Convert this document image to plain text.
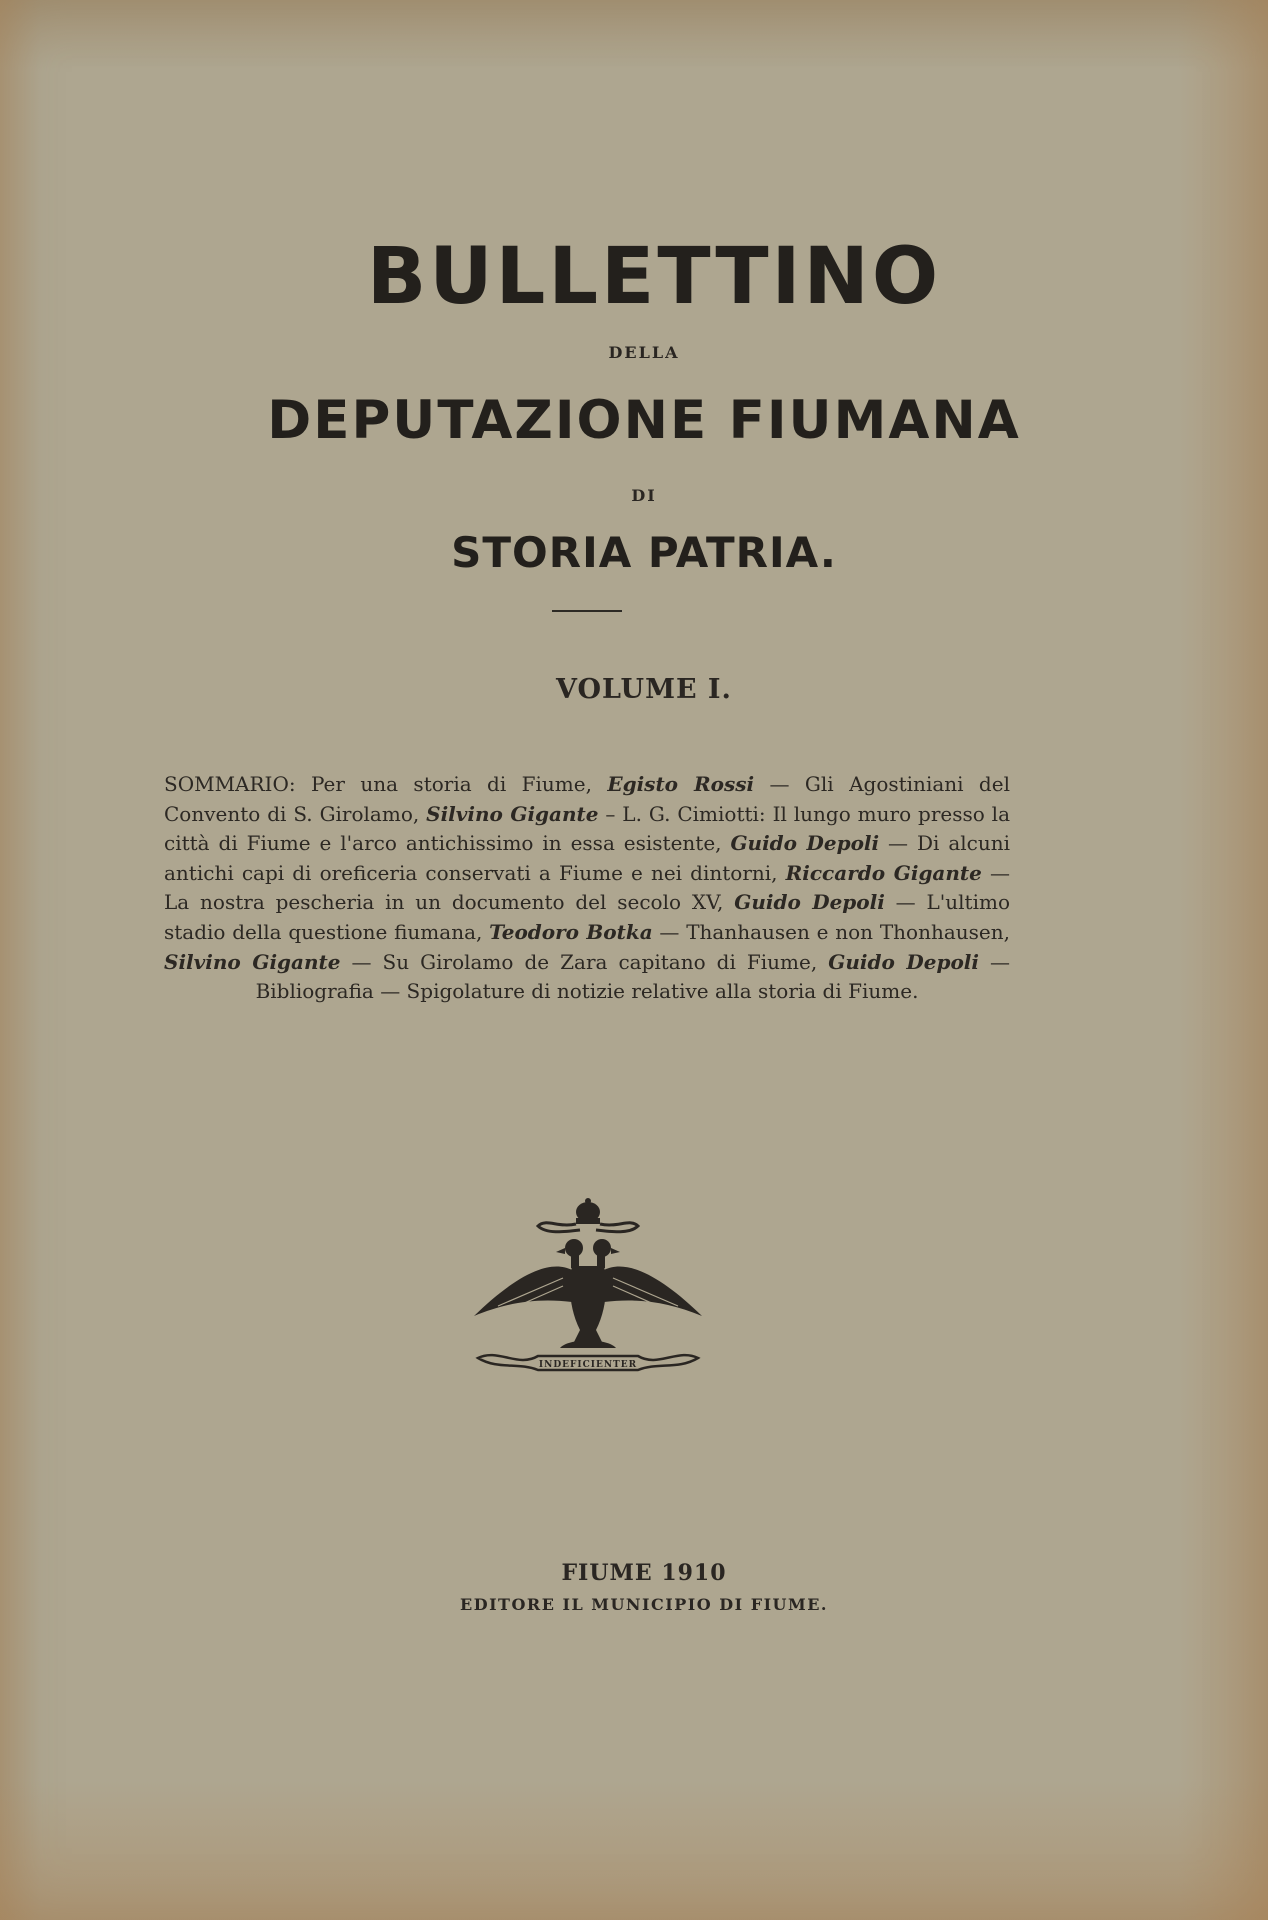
BULLETTINO
DELLA
DEPUTAZIONE FIUMANA
DI
STORIA PATRIA.
VOLUME I.
SOMMARIO: Per una storia di Fiume, Egisto Rossi — Gli Agostiniani del Convento di S. Girolamo, Silvino Gigante – L. G. Cimiotti: Il lungo muro presso la città di Fiume e l'arco antichissimo in essa esistente, Guido Depoli — Di alcuni antichi capi di oreficeria conservati a Fiume e nei dintorni, Riccardo Gigante — La nostra pescheria in un documento del secolo XV, Guido Depoli — L'ultimo stadio della questione fiumana, Teodoro Botka — Thanhausen e non Thonhausen, Silvino Gigante — Su Girolamo de Zara capitano di Fiume, Guido Depoli — Bibliografia — Spigolature di notizie relative alla storia di Fiume.
INDEFICIENTER
FIUME 1910
EDITORE IL MUNICIPIO DI FIUME.
